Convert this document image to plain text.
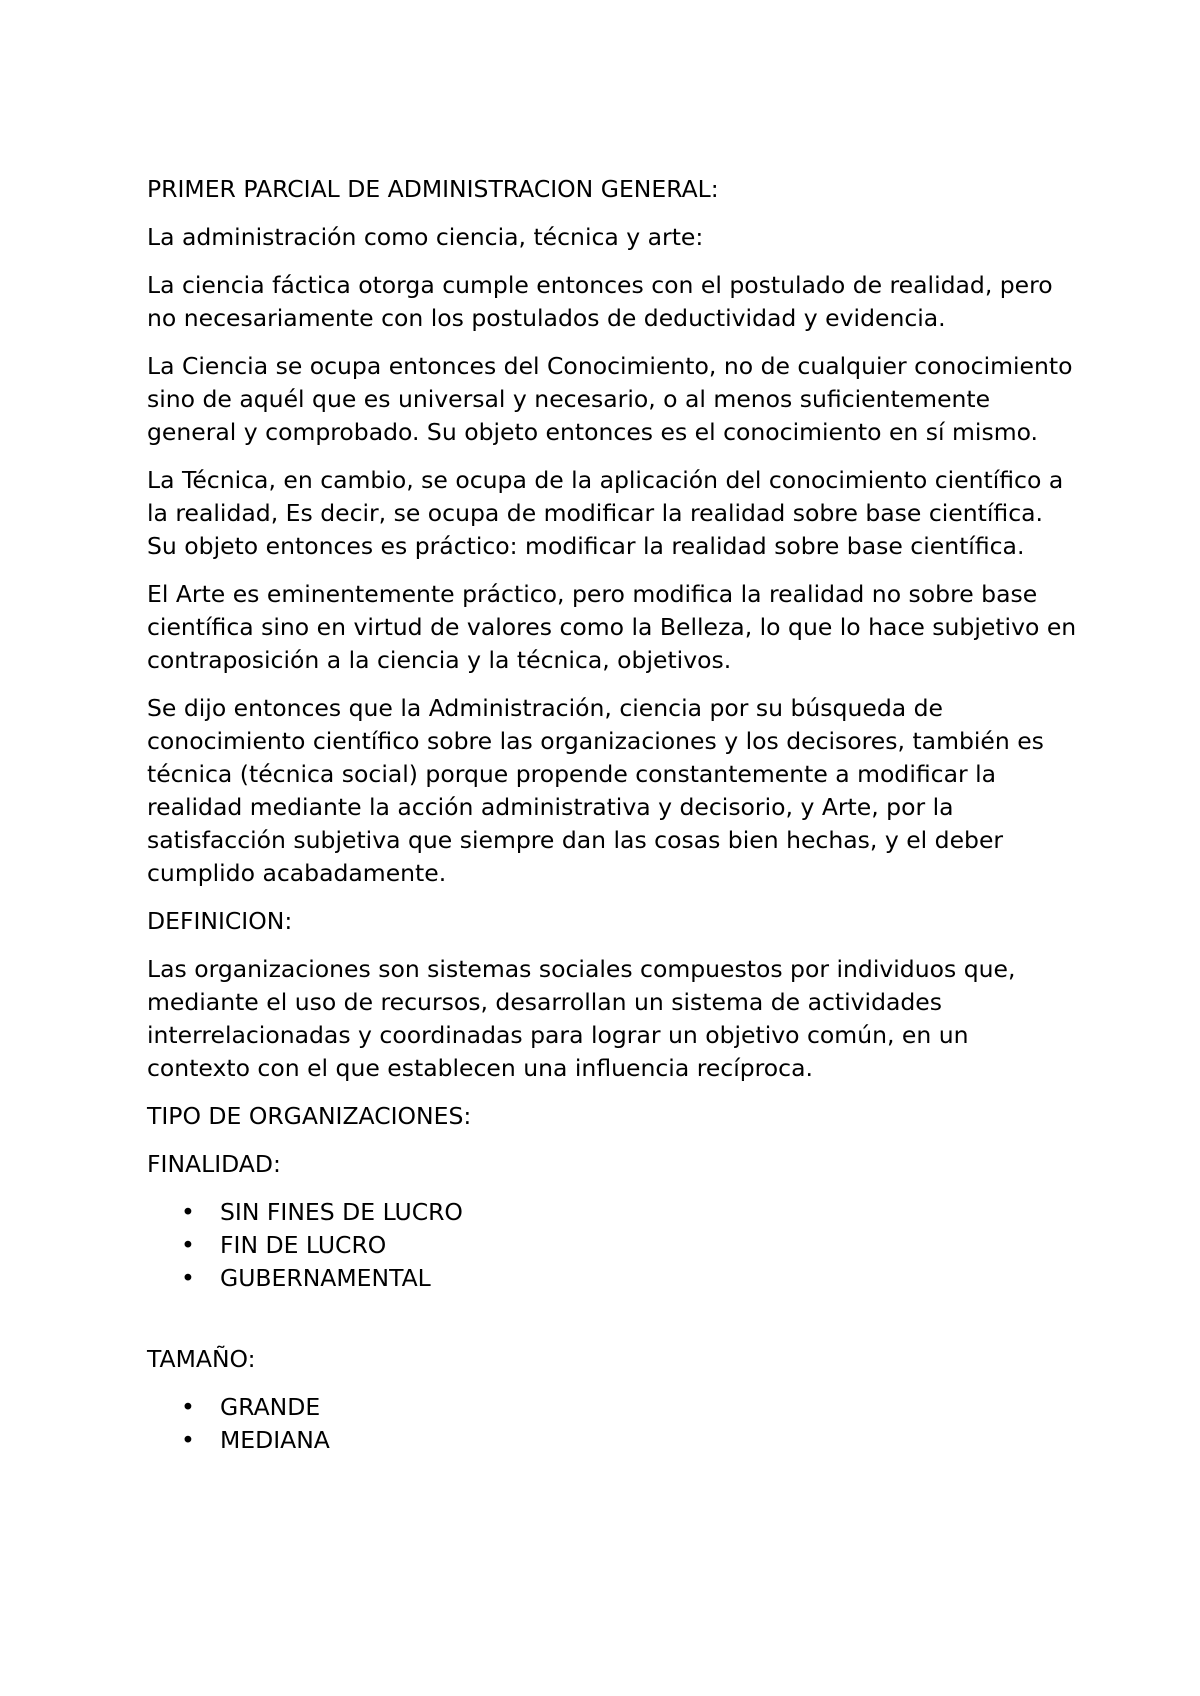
PRIMER PARCIAL DE ADMINISTRACION GENERAL:

La administración como ciencia, técnica y arte:

La ciencia fáctica otorga cumple entonces con el postulado de realidad, pero no necesariamente con los postulados de deductividad y evidencia.

La Ciencia se ocupa entonces del Conocimiento, no de cualquier conocimiento sino de aquél que es universal y necesario, o al menos suficientemente general y comprobado. Su objeto entonces es el conocimiento en sí mismo.

La Técnica, en cambio, se ocupa de la aplicación del conocimiento científico a la realidad, Es decir, se ocupa de modificar la realidad sobre base científica. Su objeto entonces es práctico: modificar la realidad sobre base científica.

El Arte es eminentemente práctico, pero modifica la realidad no sobre base científica sino en virtud de valores como la Belleza, lo que lo hace subjetivo en contraposición a la ciencia y la técnica, objetivos.

Se dijo entonces que la Administración, ciencia por su búsqueda de conocimiento científico sobre las organizaciones y los decisores, también es técnica (técnica social) porque propende constantemente a modificar la realidad mediante la acción administrativa y decisorio, y Arte, por la satisfacción subjetiva que siempre dan las cosas bien hechas, y el deber cumplido acabadamente.

DEFINICION:

Las organizaciones son sistemas sociales compuestos por individuos que, mediante el uso de recursos, desarrollan un sistema de actividades interrelacionadas y coordinadas para lograr un objetivo común, en un contexto con el que establecen una influencia recíproca.

TIPO DE ORGANIZACIONES:

FINALIDAD:

• SIN FINES DE LUCRO
• FIN DE LUCRO
• GUBERNAMENTAL

TAMAÑO:

• GRANDE
• MEDIANA
